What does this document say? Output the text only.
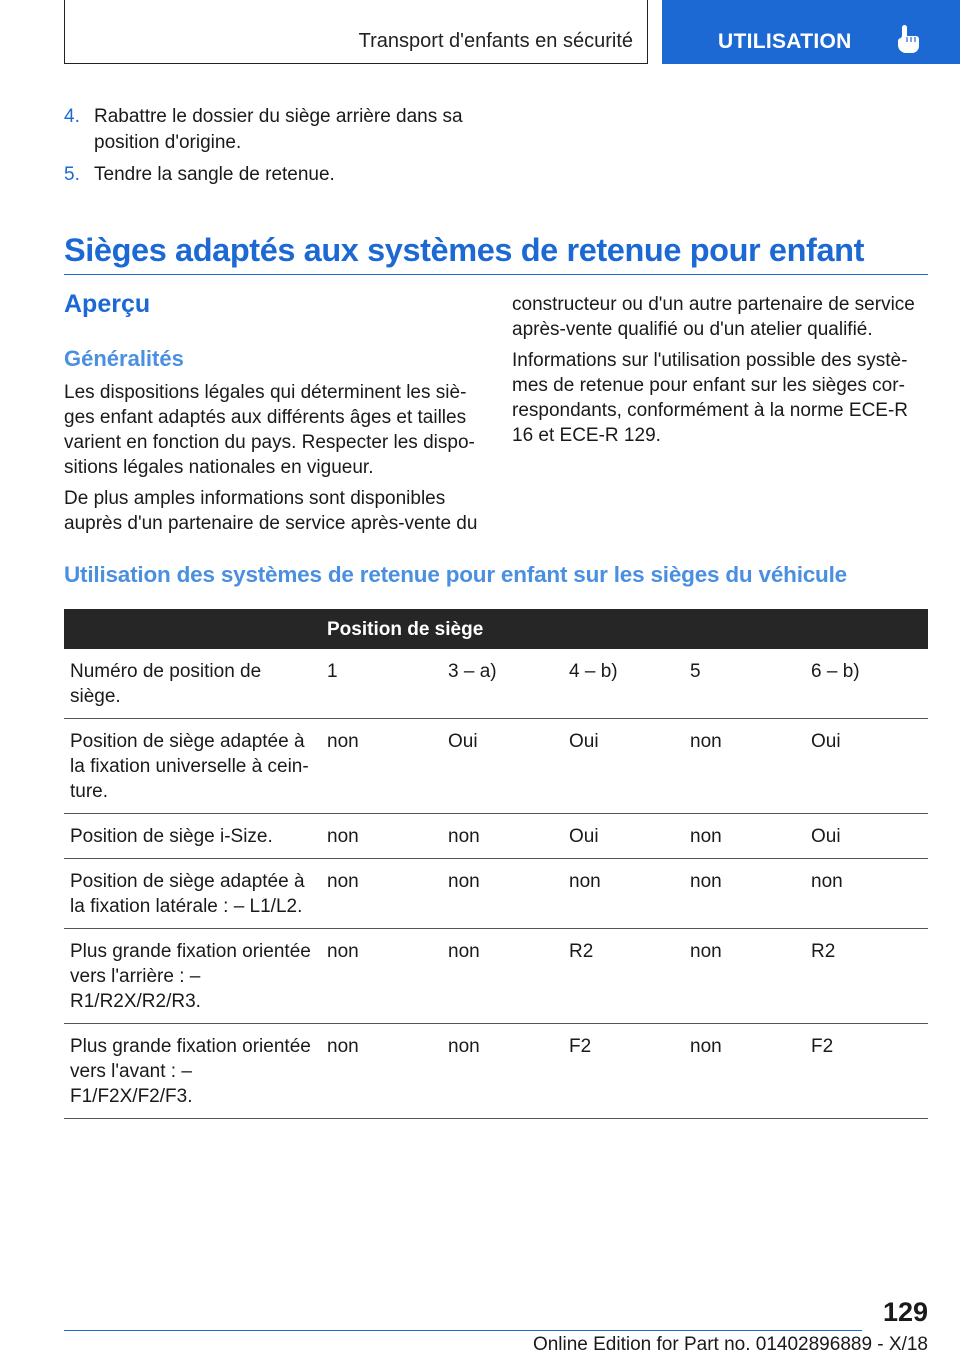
Transport d'enfants en sécurité	UTILISATION
4. Rabattre le dossier du siège arrière dans sa position d'origine.
5. Tendre la sangle de retenue.
Sièges adaptés aux systèmes de retenue pour enfant
Aperçu
Généralités

Les dispositions légales qui déterminent les sièges enfant adaptés aux différents âges et tailles varient en fonction du pays. Respecter les dispositions légales nationales en vigueur.

De plus amples informations sont disponibles auprès d'un partenaire de service après-vente du

constructeur ou d'un autre partenaire de service après-vente qualifié ou d'un atelier qualifié.

Informations sur l'utilisation possible des systèmes de retenue pour enfant sur les sièges correspondants, conformément à la norme ECE-R 16 et ECE-R 129.

Utilisation des systèmes de retenue pour enfant sur les sièges du véhicule
	Position de siège				
Numéro de position de siège.	1	3 – a)	4 – b)	5	6 – b)
Position de siège adaptée à la fixation universelle à ceinture.	non	Oui	Oui	non	Oui
Position de siège i-Size.	non	non	Oui	non	Oui
Position de siège adaptée à la fixation latérale : – L1/L2.	non	non	non	non	non
Plus grande fixation orientée vers l'arrière : – R1/R2X/R2/R3.	non	non	R2	non	R2
Plus grande fixation orientée vers l'avant : – F1/F2X/F2/F3.	non	non	F2	non	F2
129
Online Edition for Part no. 01402896889 - X/18
